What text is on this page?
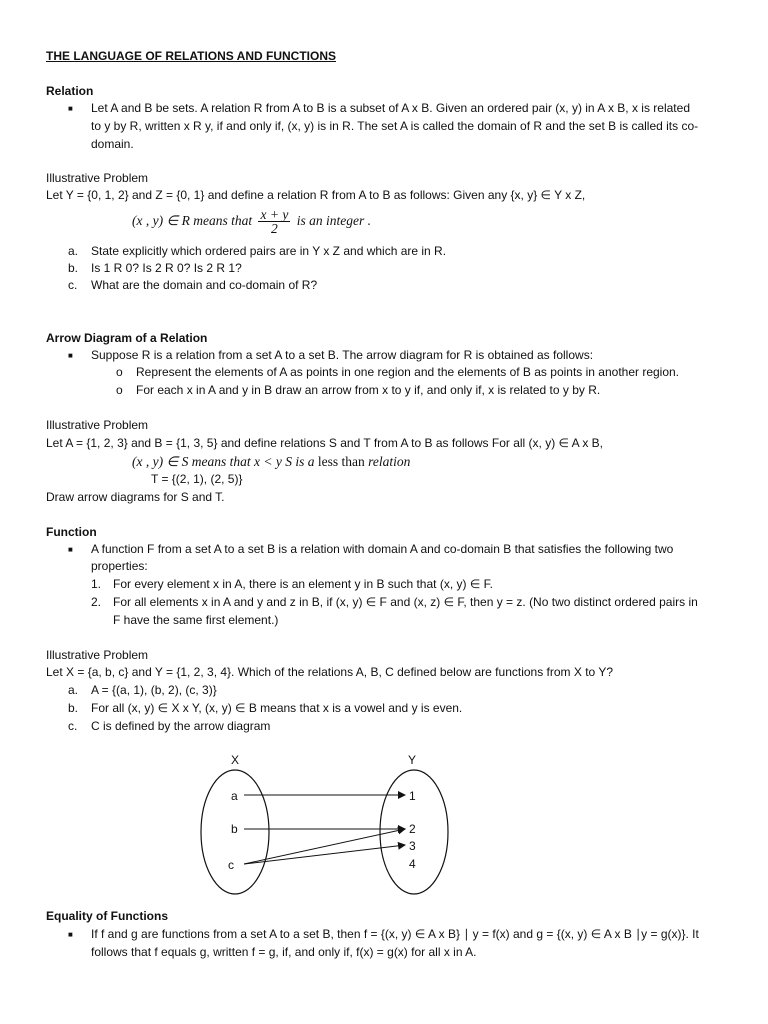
THE LANGUAGE OF RELATIONS AND FUNCTIONS
Relation
■ Let A and B be sets. A relation R from A to B is a subset of A x B. Given an ordered pair (x, y) in A x B, x is related
to y by R, written x R y, if and only if, (x, y) is in R. The set A is called the domain of R and the set B is called its co-
domain.
Illustrative Problem
Let Y = {0, 1, 2} and Z = {0, 1} and define a relation R from A to B as follows: Given any {x, y} ∈ Y x Z,
(x , y) ∈ R means that $\frac{x + y}{2}$ is an integer .
a. State explicitly which ordered pairs are in Y x Z and which are in R.
b. Is 1 R 0? Is 2 R 0? Is 2 R 1?
c. What are the domain and co-domain of R?
Arrow Diagram of a Relation
■ Suppose R is a relation from a set A to a set B. The arrow diagram for R is obtained as follows:
o Represent the elements of A as points in one region and the elements of B as points in another region.
o For each x in A and y in B draw an arrow from x to y if, and only if, x is related to y by R.
Illustrative Problem
Let A = {1, 2, 3} and B = {1, 3, 5} and define relations S and T from A to B as follows For all (x, y) ∈ A x B,
(x , y) ∈ S means that x < y S is a less than relation
T = {(2, 1), (2, 5)}
Draw arrow diagrams for S and T.
Function
■ A function F from a set A to a set B is a relation with domain A and co-domain B that satisfies the following two
properties:
1. For every element x in A, there is an element y in B such that (x, y) ∈ F.
2. For all elements x in A and y and z in B, if (x, y) ∈ F and (x, z) ∈ F, then y = z. (No two distinct ordered pairs in
F have the same first element.)
Illustrative Problem
Let X = {a, b, c} and Y = {1, 2, 3, 4}. Which of the relations A, B, C defined below are functions from X to Y?
a. A = {(a, 1), (b, 2), (c, 3)}
b. For all (x, y) ∈ X x Y, (x, y) ∈ B means that x is a vowel and y is even.
c. C is defined by the arrow diagram
X	Y
a
b
c
1
2
3
4
Equality of Functions
■ If f and g are functions from a set A to a set B, then f = {(x, y) ∈ A x B} ∣ y = f(x) and g = {(x, y) ∈ A x B ∣y = g(x)}. It
follows that f equals g, written f = g, if, and only if, f(x) = g(x) for all x in A.
